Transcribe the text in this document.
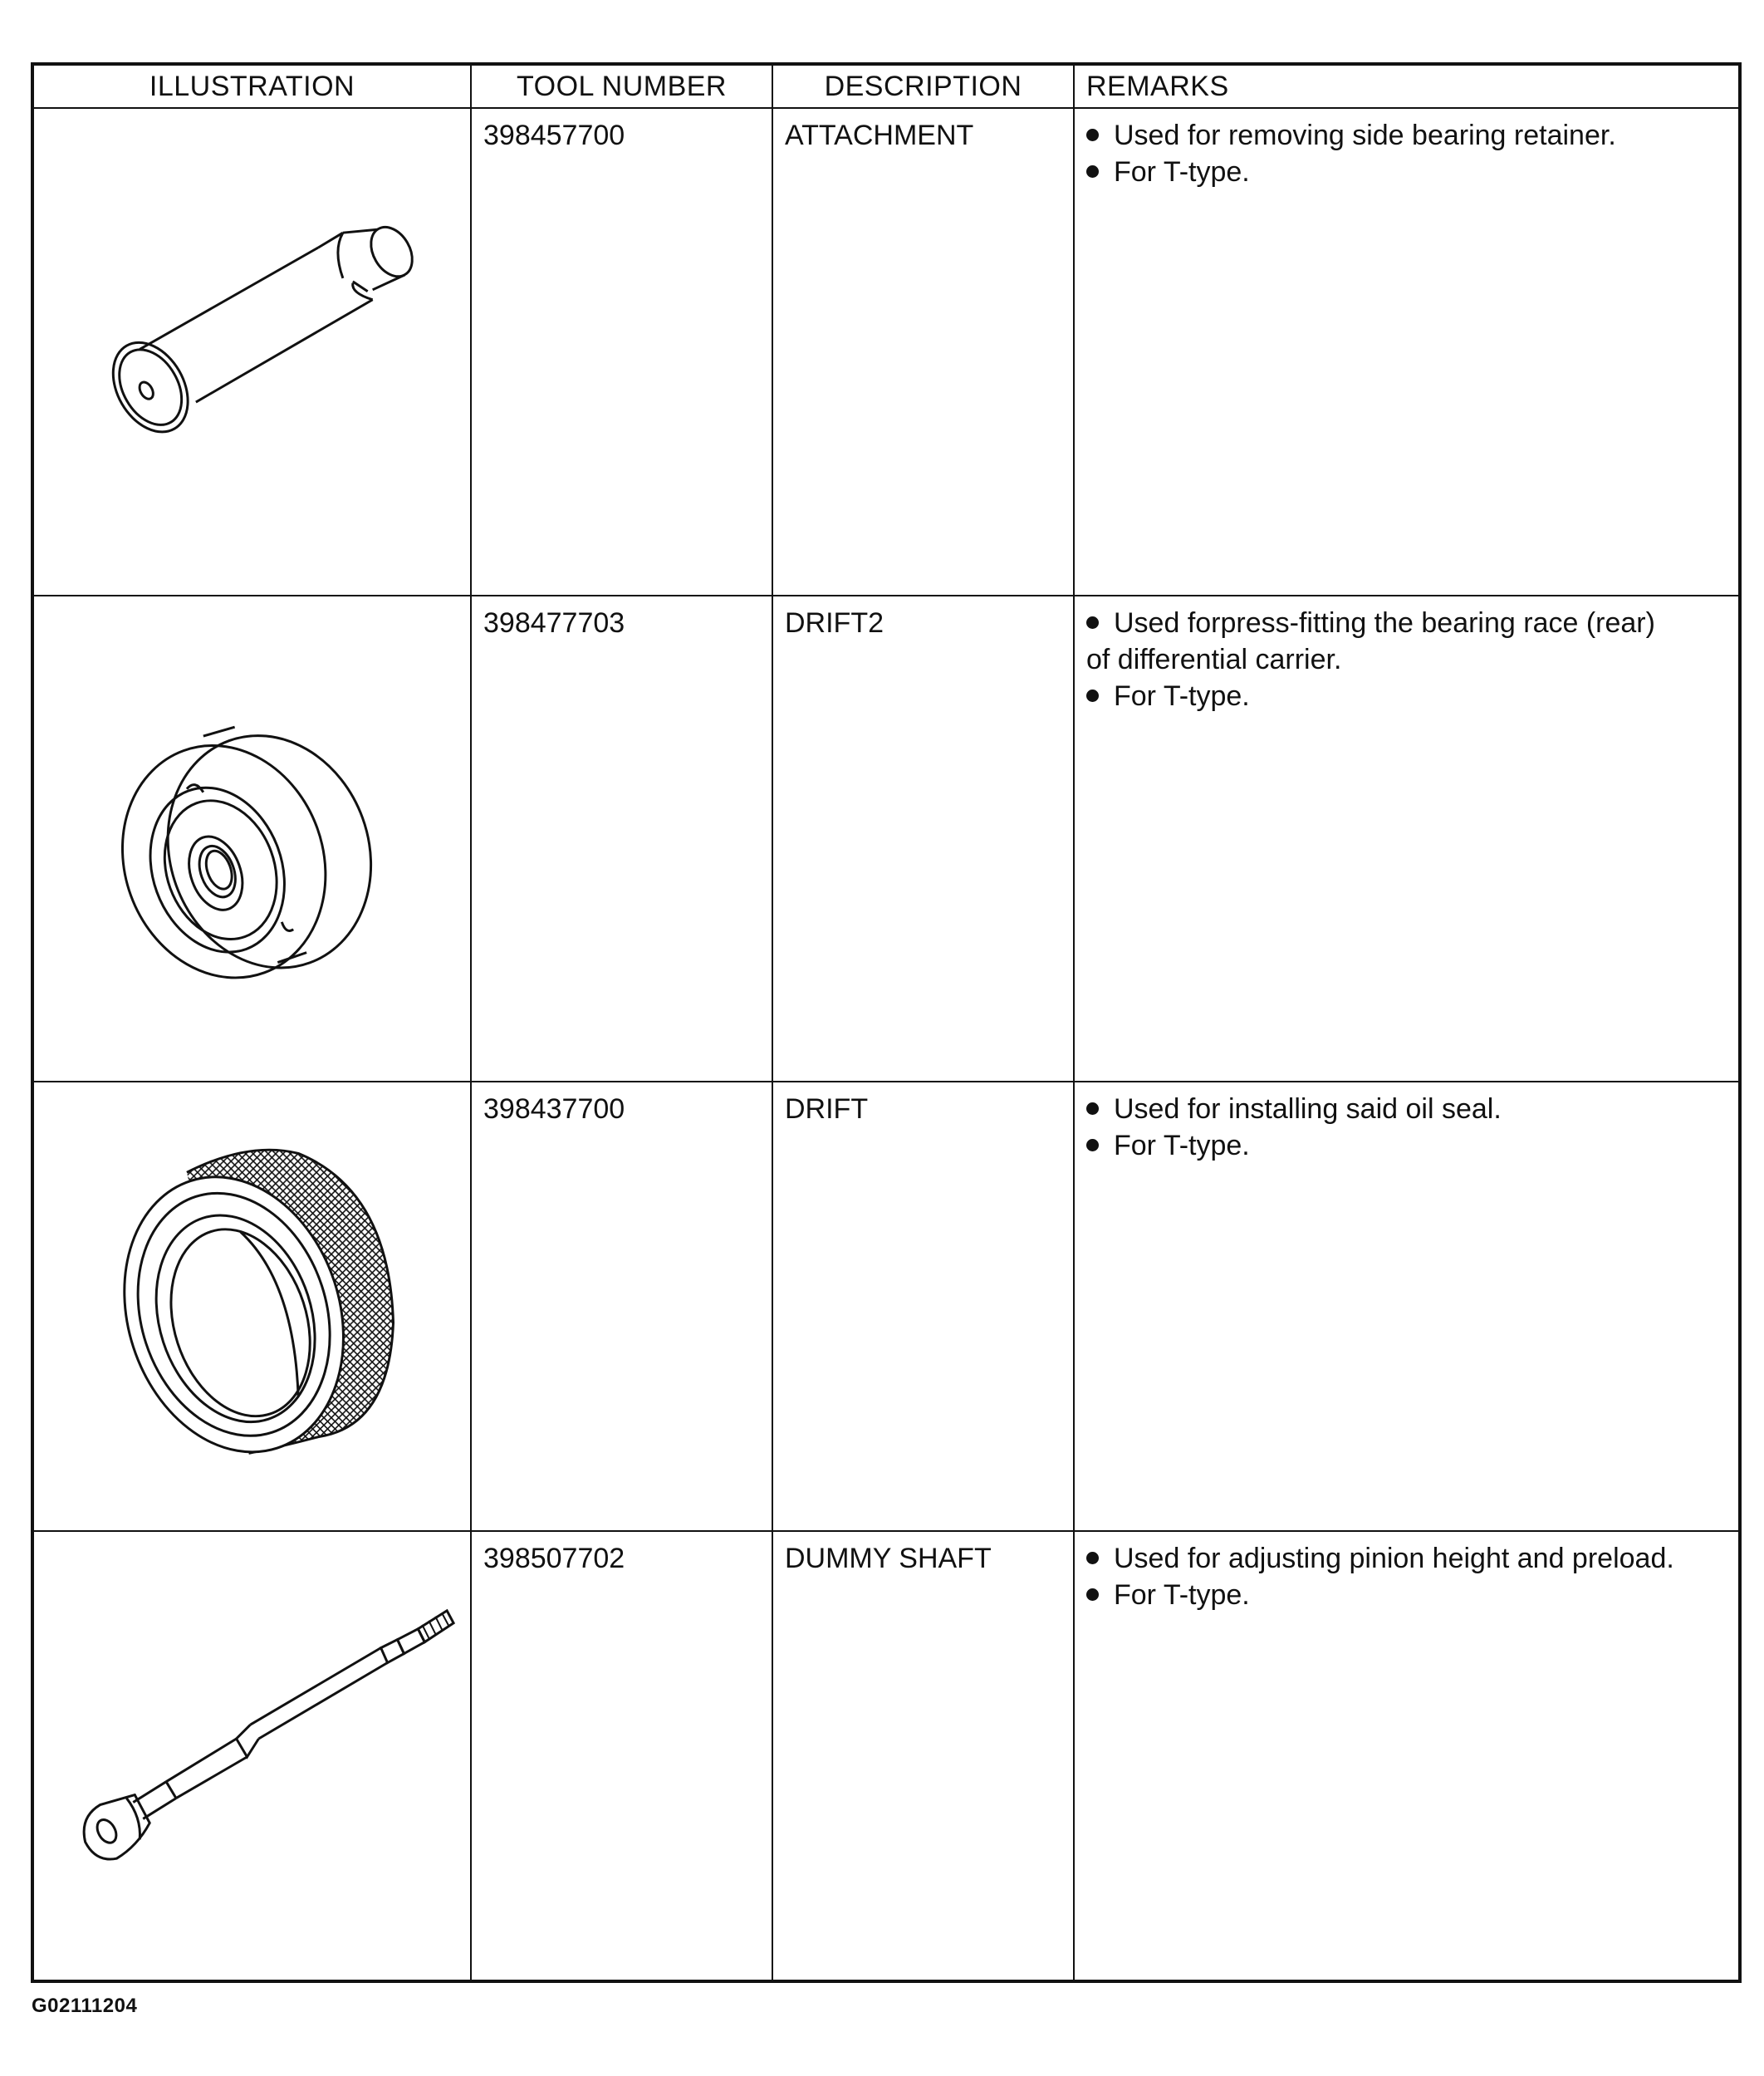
ILLUSTRATION	TOOL NUMBER	DESCRIPTION	REMARKS

	398457700	ATTACHMENT	Used for removing side bearing retainer.

For T-type.

	398477703	DRIFT2	Used forpress-fitting the bearing race (rear)

of differential carrier.

For T-type.

	398437700	DRIFT	Used for installing said oil seal.

For T-type.

	398507702	DUMMY SHAFT	Used for adjusting pinion height and preload.

For T-type.

G02111204
